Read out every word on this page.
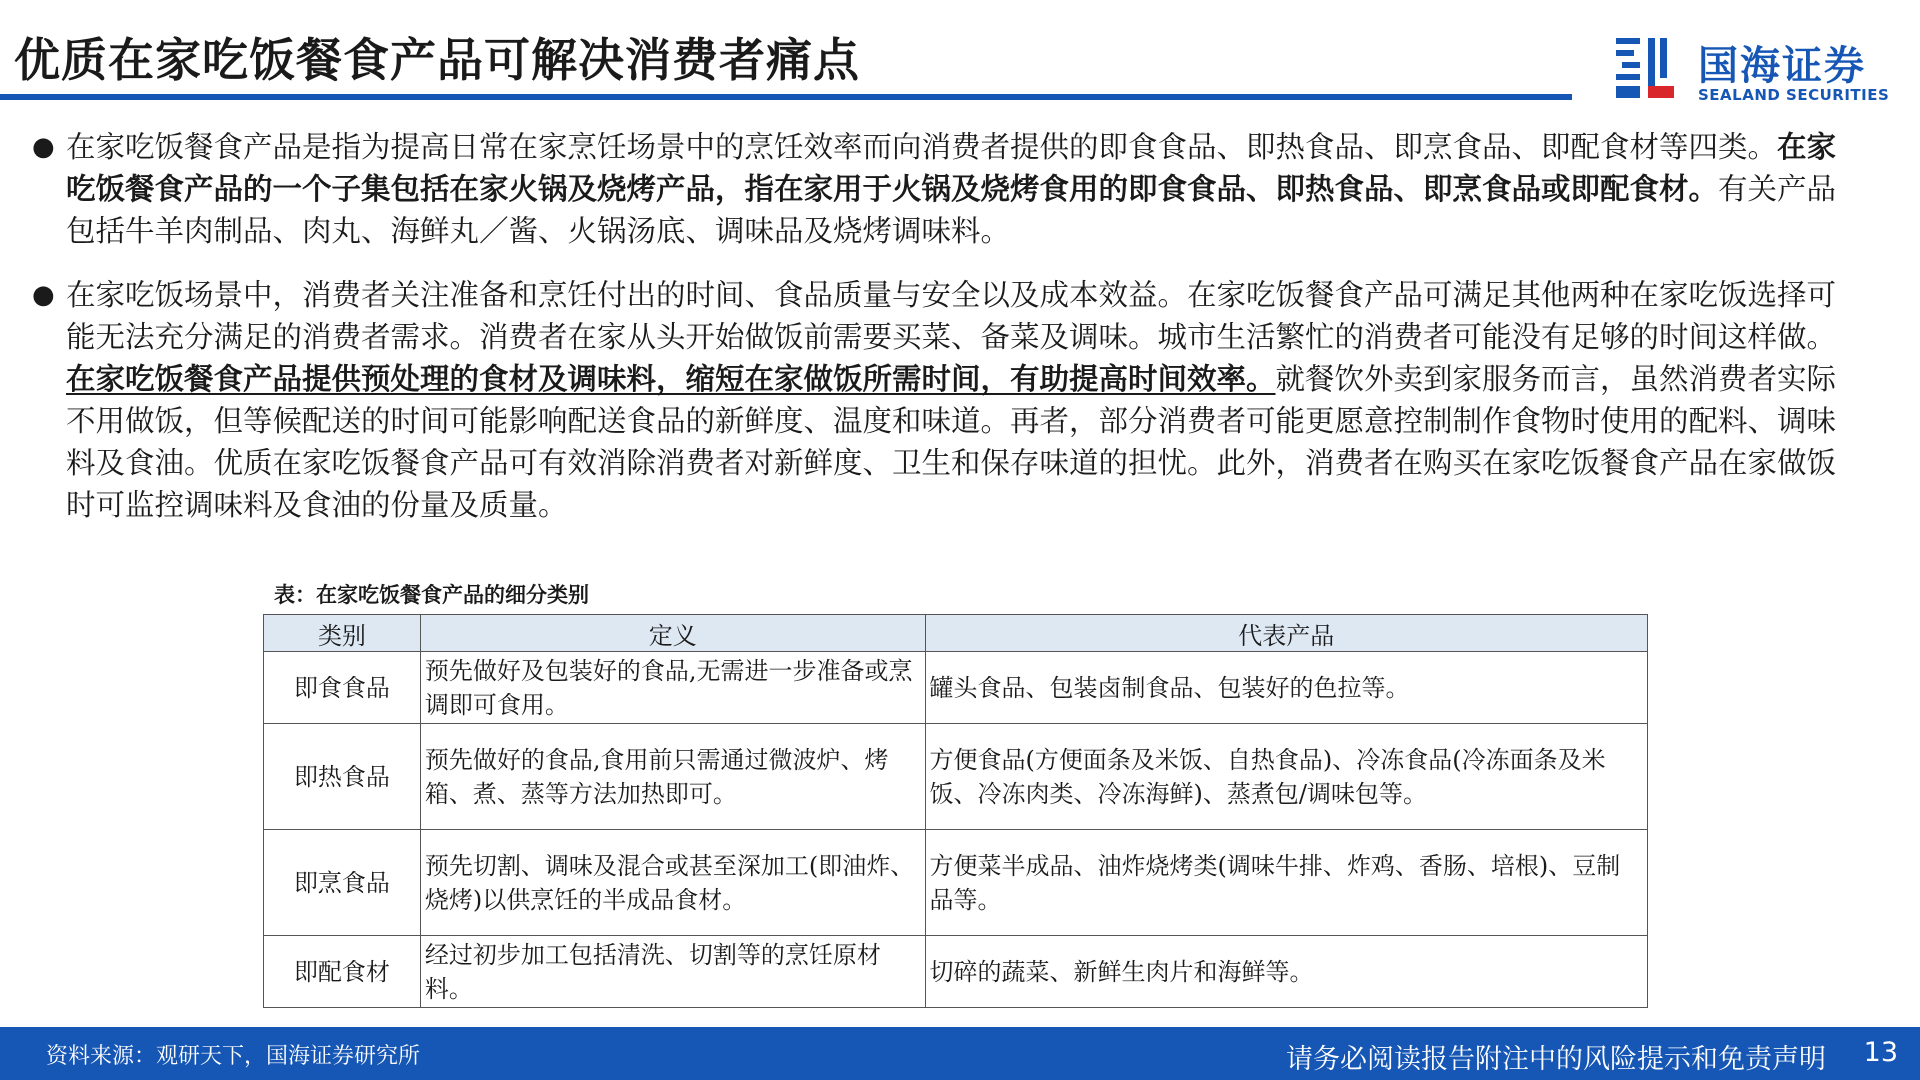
优质在家吃饭餐食产品可解决消费者痛点	国海证券
SEALAND SECURITIES
● 在家吃饭餐食产品是指为提高日常在家烹饪场景中的烹饪效率而向消费者提供的即食食品、即热食品、即烹食品、即配食材等四类。在家吃饭餐食产品的一个子集包括在家火锅及烧烤产品，指在家用于火锅及烧烤食用的即食食品、即热食品、即烹食品或即配食材。有关产品包括牛羊肉制品、肉丸、海鲜丸／酱、火锅汤底、调味品及烧烤调味料。
● 在家吃饭场景中，消费者关注准备和烹饪付出的时间、食品质量与安全以及成本效益。在家吃饭餐食产品可满足其他两种在家吃饭选择可能无法充分满足的消费者需求。消费者在家从头开始做饭前需要买菜、备菜及调味。城市生活繁忙的消费者可能没有足够的时间这样做。在家吃饭餐食产品提供预处理的食材及调味料，缩短在家做饭所需时间，有助提高时间效率。就餐饮外卖到家服务而言，虽然消费者实际不用做饭，但等候配送的时间可能影响配送食品的新鲜度、温度和味道。再者，部分消费者可能更愿意控制制作食物时使用的配料、调味料及食油。优质在家吃饭餐食产品可有效消除消费者对新鲜度、卫生和保存味道的担忧。此外，消费者在购买在家吃饭餐食产品在家做饭时可监控调味料及食油的份量及质量。
表：在家吃饭餐食产品的细分类别
类别	定义	代表产品
即食食品	预先做好及包装好的食品,无需进一步准备或烹调即可食用。	罐头食品、包装卤制食品、包装好的色拉等。
即热食品	预先做好的食品,食用前只需通过微波炉、烤箱、煮、蒸等方法加热即可。	方便食品(方便面条及米饭、自热食品)、冷冻食品(冷冻面条及米饭、冷冻肉类、冷冻海鲜)、蒸煮包/调味包等。
即烹食品	预先切割、调味及混合或甚至深加工(即油炸、烧烤)以供烹饪的半成品食材。	方便菜半成品、油炸烧烤类(调味牛排、炸鸡、香肠、培根)、豆制品等。
即配食材	经过初步加工包括清洗、切割等的烹饪原材料。	切碎的蔬菜、新鲜生肉片和海鲜等。
资料来源：观研天下，国海证券研究所	请务必阅读报告附注中的风险提示和免责声明 13
